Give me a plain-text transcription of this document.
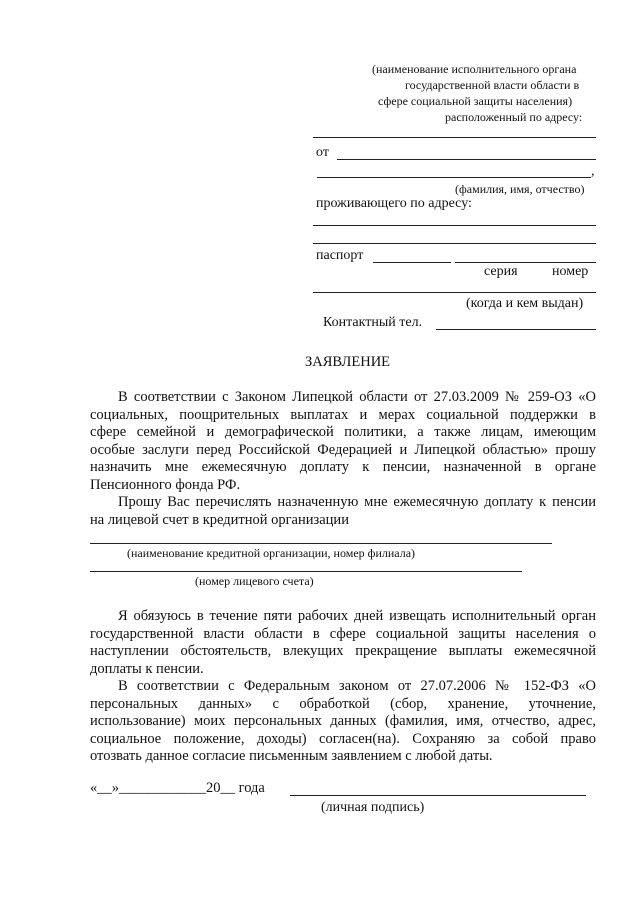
(наименование исполнительного органа
государственной власти области в
сфере социальной защиты населения)
расположенный по адресу:
от
,
(фамилия, имя, отчество)
проживающего по адресу:
паспорт
серия номер
(когда и кем выдан)
Контактный тел.
ЗАЯВЛЕНИЕ
В соответствии с Законом Липецкой области от 27.03.2009 № 259-ОЗ «О
социальных, поощрительных выплатах и мерах социальной поддержки в
сфере семейной и демографической политики, а также лицам, имеющим
особые заслуги перед Российской Федерацией и Липецкой областью» прошу
назначить мне ежемесячную доплату к пенсии, назначенной в органе
Пенсионного фонда РФ.
Прошу Вас перечислять назначенную мне ежемесячную доплату к пенсии
на лицевой счет в кредитной организации
(наименование кредитной организации, номер филиала)
(номер лицевого счета)
Я обязуюсь в течение пяти рабочих дней извещать исполнительный орган
государственной власти области в сфере социальной защиты населения о
наступлении обстоятельств, влекущих прекращение выплаты ежемесячной
доплаты к пенсии.
В соответствии с Федеральным законом от 27.07.2006 № 152-ФЗ «О
персональных данных» с обработкой (сбор, хранение, уточнение,
использование) моих персональных данных (фамилия, имя, отчество, адрес,
социальное положение, доходы) согласен(на). Сохраняю за собой право
отозвать данное согласие письменным заявлением с любой даты.
«__»____________20__ года
(личная подпись)
